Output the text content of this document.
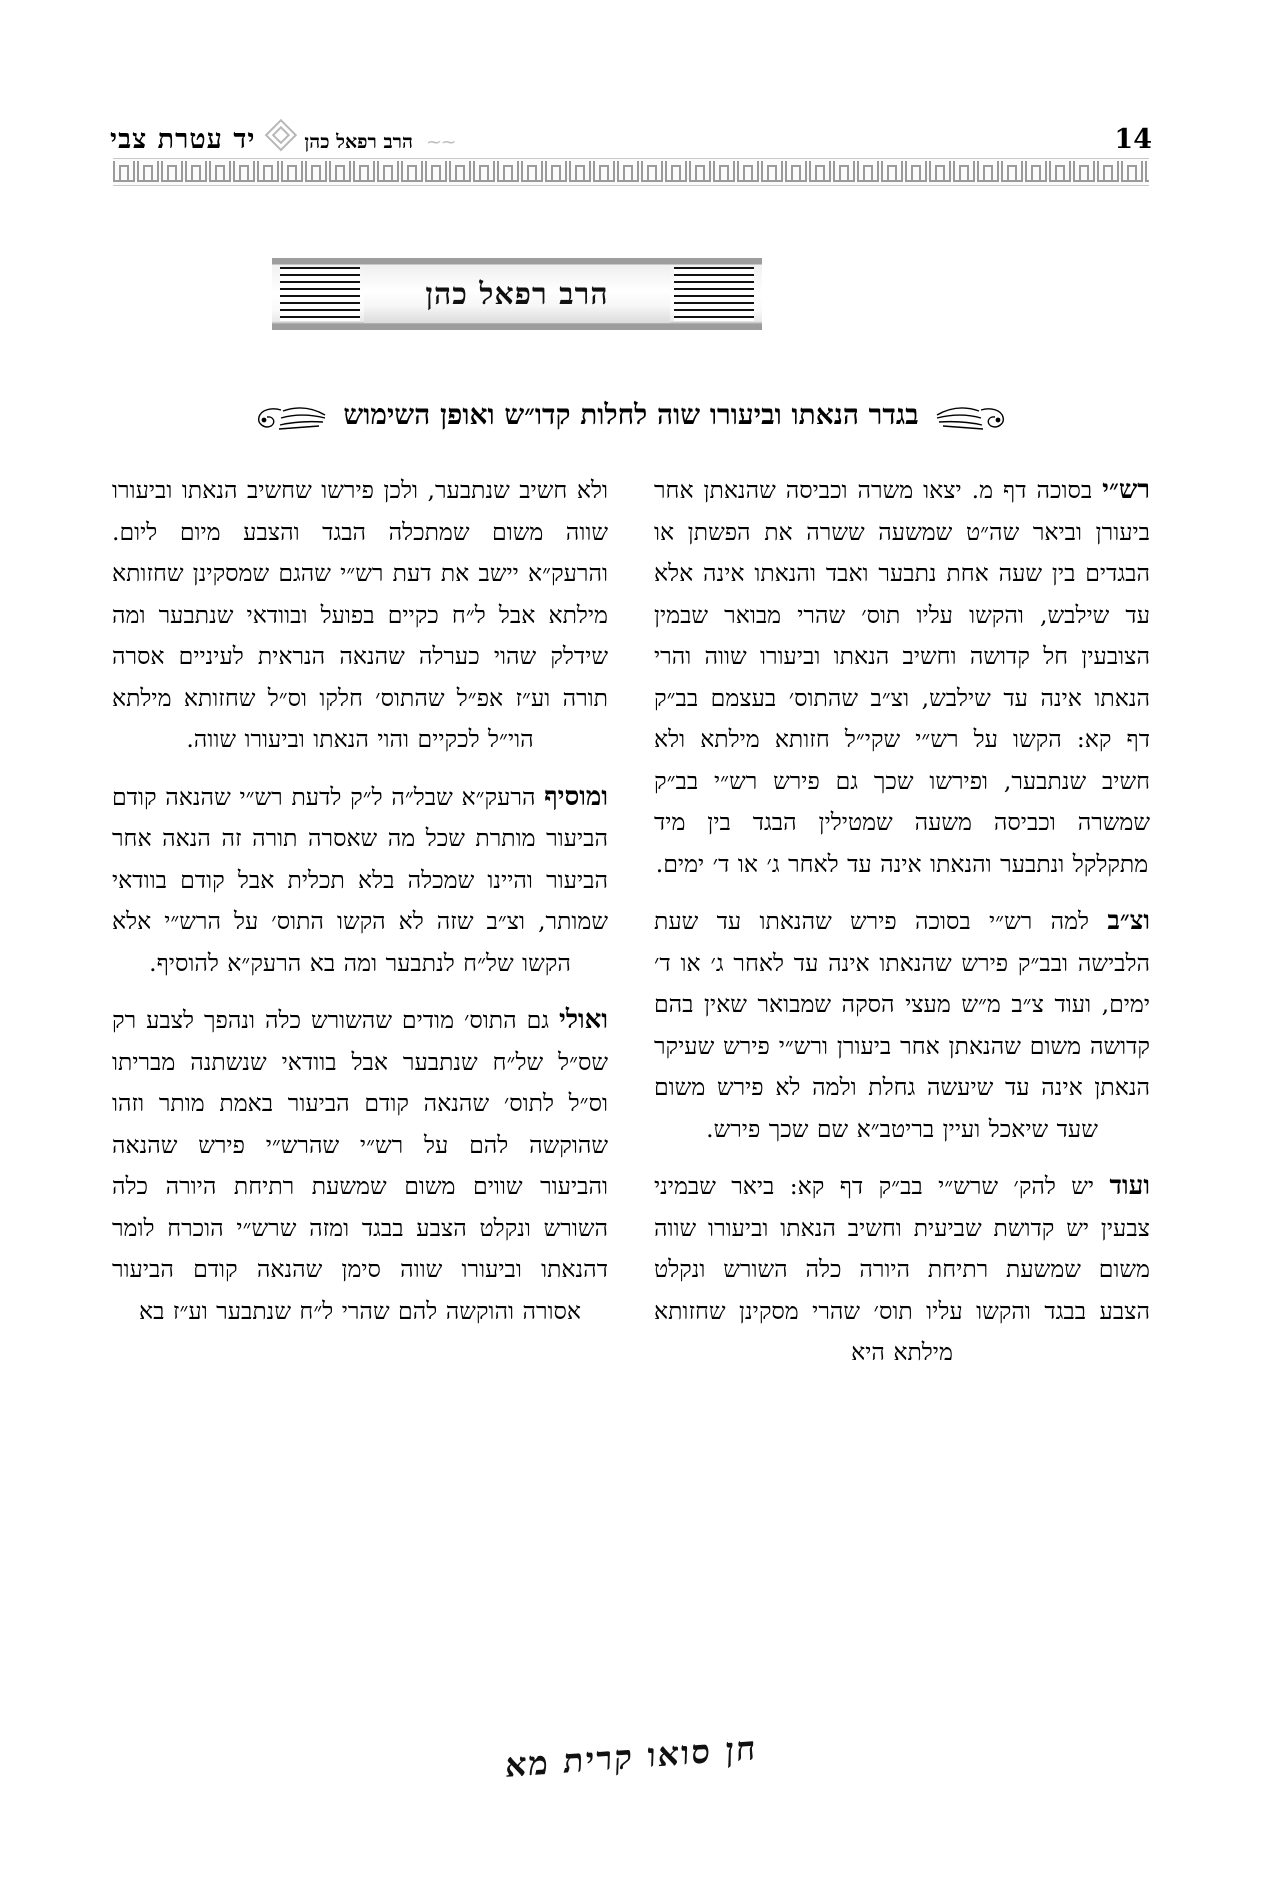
יד עטרת צבי	הרב רפאל כהן ~~	14
הרב רפאל כהן
בגדר הנאתו וביעורו שוה לחלות קדו״ש ואופן השימוש

רש״י בסוכה דף מ. יצאו משרה וכביסה שהנאתן אחר ביעורן וביאר שה״ט שמשעה ששרה את הפשתן או הבגדים בין שעה אחת נתבער ואבד והנאתו אינה אלא עד שילבש, והקשו עליו תוס׳ שהרי מבואר שבמין הצובעין חל קדושה וחשיב הנאתו וביעורו שווה והרי הנאתו אינה עד שילבש, וצ״ב שהתוס׳ בעצמם בב״ק דף קא: הקשו על רש״י שקי״ל חזותא מילתא ולא חשיב שנתבער, ופירשו שכך גם פירש רש״י בב״ק שמשרה וכביסה משעה שמטילין הבגד בין מיד מתקלקל ונתבער והנאתו אינה עד לאחר ג׳ או ד׳ ימים.

וצ״ב למה רש״י בסוכה פירש שהנאתו עד שעת הלבישה ובב״ק פירש שהנאתו אינה עד לאחר ג׳ או ד׳ ימים, ועוד צ״ב מ״ש מעצי הסקה שמבואר שאין בהם קדושה משום שהנאתן אחר ביעורן ורש״י פירש שעיקר הנאתן אינה עד שיעשה גחלת ולמה לא פירש משום שעד שיאכל ועיין בריטב״א שם שכך פירש.

ועוד יש להק׳ שרש״י בב״ק דף קא: ביאר שבמיני צבעין יש קדושת שביעית וחשיב הנאתו וביעורו שווה משום שמשעת רתיחת היורה כלה השורש ונקלט הצבע בבגד והקשו עליו תוס׳ שהרי מסקינן שחזותא מילתא היא

ולא חשיב שנתבער, ולכן פירשו שחשיב הנאתו וביעורו שווה משום שמתכלה הבגד והצבע מיום ליום. והרעק״א יישב את דעת רש״י שהגם שמסקינן שחזותא מילתא אבל ל״ח כקיים בפועל ובוודאי שנתבער ומה שידלק שהוי כערלה שהנאה הנראית לעיניים אסרה תורה וע״ז אפ״ל שהתוס׳ חלקו וס״ל שחזותא מילתא הוי״ל לכקיים והוי הנאתו וביעורו שווה.

ומוסיף הרעק״א שבל״ה ל״ק לדעת רש״י שהנאה קודם הביעור מותרת שכל מה שאסרה תורה זה הנאה אחר הביעור והיינו שמכלה בלא תכלית אבל קודם בוודאי שמותר, וצ״ב שזה לא הקשו התוס׳ על הרש״י אלא הקשו של״ח לנתבער ומה בא הרעק״א להוסיף.

ואולי גם התוס׳ מודים שהשורש כלה ונהפך לצבע רק שס״ל של״ח שנתבער אבל בוודאי שנשתנה מבריתו וס״ל לתוס׳ שהנאה קודם הביעור באמת מותר וזהו שהוקשה להם על רש״י שהרש״י פירש שהנאה והביעור שווים משום שמשעת רתיחת היורה כלה השורש ונקלט הצבע בבגד ומזה שרש״י הוכרח לומר דהנאתו וביעורו שווה סימן שהנאה קודם הביעור אסורה והוקשה להם שהרי ל״ח שנתבער וע״ז בא

חן סואו קרית מא
